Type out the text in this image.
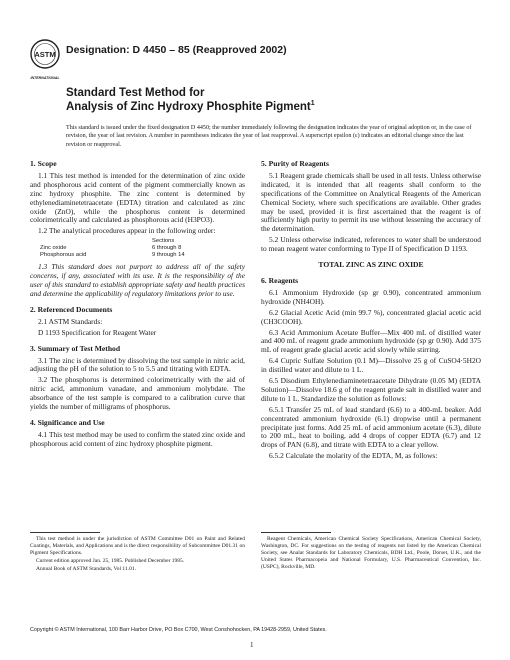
ASTM
INTERNATIONAL
Designation: D 4450 – 85 (Reapproved 2002)
Standard Test Method for
Analysis of Zinc Hydroxy Phosphite Pigment$^1$
This standard is issued under the fixed designation D 4450; the number immediately following the designation indicates the year of original adoption or, in the case of revision, the year of last revision. A number in parentheses indicates the year of last reapproval. A superscript epsilon (ε) indicates an editorial change since the last revision or reapproval.
1. Scope

1.1 This test method is intended for the determination of zinc oxide and phosphorous acid content of the pigment commercially known as zinc hydroxy phosphite. The zinc content is determined by ethylenediaminetetraacetate (EDTA) titration and calculated as zinc oxide (ZnO), while the phosphorus content is determined colorimetrically and calculated as phosphorous acid (H3PO3).

1.2 The analytical procedures appear in the following order:

Sections
Zinc oxide	6 through 8
Phosphorous acid	9 through 14

1.3 This standard does not purport to address all of the safety concerns, if any, associated with its use. It is the responsibility of the user of this standard to establish appropriate safety and health practices and determine the applicability of regulatory limitations prior to use.

2. Referenced Documents

2.1 ASTM Standards:

D 1193 Specification for Reagent Water

3. Summary of Test Method

3.1 The zinc is determined by dissolving the test sample in nitric acid, adjusting the pH of the solution to 5 to 5.5 and titrating with EDTA.

3.2 The phosphorus is determined colorimetrically with the aid of nitric acid, ammonium vanadate, and ammonium molybdate. The absorbance of the test sample is compared to a calibration curve that yields the number of milligrams of phosphorus.

4. Significance and Use

4.1 This test method may be used to confirm the stated zinc oxide and phosphorous acid content of zinc hydroxy phosphite pigment.

5. Purity of Reagents

5.1 Reagent grade chemicals shall be used in all tests. Unless otherwise indicated, it is intended that all reagents shall conform to the specifications of the Committee on Analytical Reagents of the American Chemical Society, where such specifications are available. Other grades may be used, provided it is first ascertained that the reagent is of sufficiently high purity to permit its use without lessening the accuracy of the determination.

5.2 Unless otherwise indicated, references to water shall be understood to mean reagent water conforming to Type II of Specification D 1193.

TOTAL ZINC AS ZINC OXIDE
6. Reagents

6.1 Ammonium Hydroxide (sp gr 0.90), concentrated ammonium hydroxide (NH4OH).

6.2 Glacial Acetic Acid (min 99.7 %), concentrated glacial acetic acid (CH3COOH).

6.3 Acid Ammonium Acetate Buffer—Mix 400 mL of distilled water and 400 mL of reagent grade ammonium hydroxide (sp gr 0.90). Add 375 mL of reagent grade glacial acetic acid slowly while stirring.

6.4 Cupric Sulfate Solution (0.1 M)—Dissolve 25 g of CuSO4·5H2O in distilled water and dilute to 1 L.

6.5 Disodium Ethylenediaminetetraacetate Dihydrate (0.05 M) (EDTA Solution)—Dissolve 18.6 g of the reagent grade salt in distilled water and dilute to 1 L. Standardize the solution as follows:

6.5.1 Transfer 25 mL of lead standard (6.6) to a 400-mL beaker. Add concentrated ammonium hydroxide (6.1) dropwise until a permanent precipitate just forms. Add 25 mL of acid ammonium acetate (6.3), dilute to 200 mL, heat to boiling, add 4 drops of copper EDTA (6.7) and 12 drops of PAN (6.8), and titrate with EDTA to a clear yellow.

6.5.2 Calculate the molarity of the EDTA, M, as follows:

This test method is under the jurisdiction of ASTM Committee D01 on Paint and Related Coatings, Materials, and Applications and is the direct responsibility of Subcommittee D01.31 on Pigment Specifications.

Current edition approved Jan. 25, 1985. Published December 1985.

Annual Book of ASTM Standards, Vol 11.01.

Reagent Chemicals, American Chemical Society Specifications, American Chemical Society, Washington, DC. For suggestions on the testing of reagents not listed by the American Chemical Society, see Analar Standards for Laboratory Chemicals, BDH Ltd., Poole, Dorset, U.K., and the United States Pharmacopeia and National Formulary, U.S. Pharmaceutical Convention, Inc. (USPC), Rockville, MD.

Copyright © ASTM International, 100 Barr Harbor Drive, PO Box C700, West Conshohocken, PA 19428-2959, United States.
1
